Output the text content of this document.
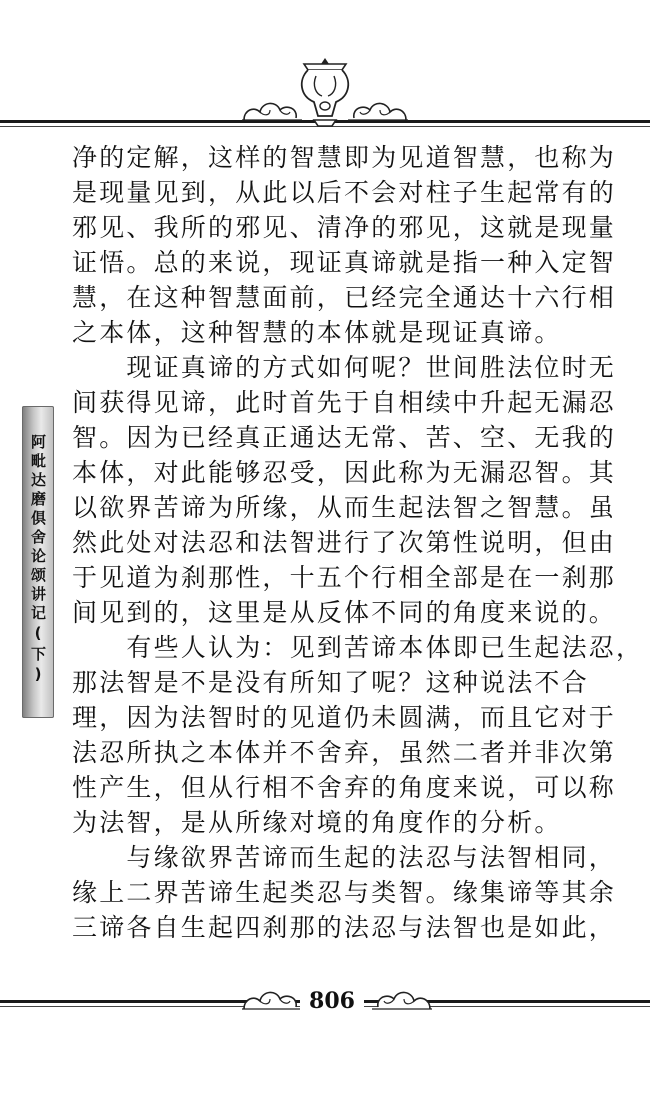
阿毗达磨俱舍论颂讲记(下)
净的定解，这样的智慧即为见道智慧，也称为
是现量见到，从此以后不会对柱子生起常有的
邪见、我所的邪见、清净的邪见，这就是现量
证悟。总的来说，现证真谛就是指一种入定智
慧，在这种智慧面前，已经完全通达十六行相
之本体，这种智慧的本体就是现证真谛。
　　现证真谛的方式如何呢？世间胜法位时无
间获得见谛，此时首先于自相续中升起无漏忍
智。因为已经真正通达无常、苦、空、无我的
本体，对此能够忍受，因此称为无漏忍智。其
以欲界苦谛为所缘，从而生起法智之智慧。虽
然此处对法忍和法智进行了次第性说明，但由
于见道为刹那性，十五个行相全部是在一刹那
间见到的，这里是从反体不同的角度来说的。
　　有些人认为：见到苦谛本体即已生起法忍，
那法智是不是没有所知了呢？这种说法不合
理，因为法智时的见道仍未圆满，而且它对于
法忍所执之本体并不舍弃，虽然二者并非次第
性产生，但从行相不舍弃的角度来说，可以称
为法智，是从所缘对境的角度作的分析。
　　与缘欲界苦谛而生起的法忍与法智相同，
缘上二界苦谛生起类忍与类智。缘集谛等其余
三谛各自生起四刹那的法忍与法智也是如此，
806
